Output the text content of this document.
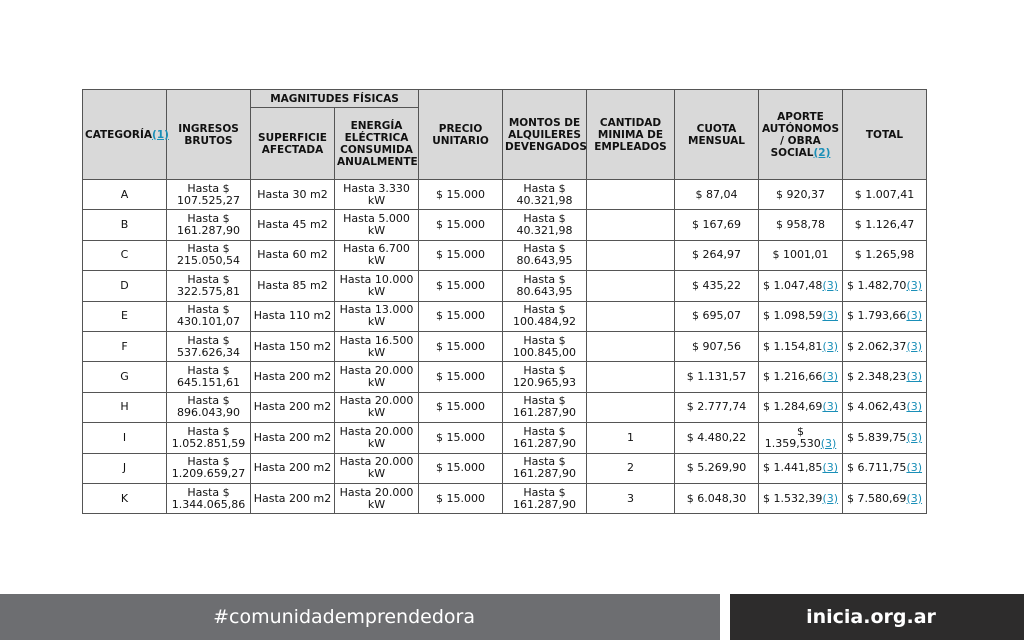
CATEGORÍA(1)	INGRESOS BRUTOS	MAGNITUDES FÍSICAS		PRECIO UNITARIO	MONTOS DE ALQUILERES DEVENGADOS	CANTIDAD MINIMA DE EMPLEADOS	CUOTA MENSUAL	APORTE AUTÓNOMOS / OBRA SOCIAL(2)	TOTAL
		SUPERFICIE AFECTADA	ENERGÍA ELÉCTRICA CONSUMIDA ANUALMENTE						

A	Hasta $ 107.525,27	Hasta 30 m2	Hasta 3.330 kW	$ 15.000	Hasta $ 40.321,98		$ 87,04	$ 920,37	$ 1.007,41
B	Hasta $ 161.287,90	Hasta 45 m2	Hasta 5.000 kW	$ 15.000	Hasta $ 40.321,98		$ 167,69	$ 958,78	$ 1.126,47
C	Hasta $ 215.050,54	Hasta 60 m2	Hasta 6.700 kW	$ 15.000	Hasta $ 80.643,95		$ 264,97	$ 1001,01	$ 1.265,98
D	Hasta $ 322.575,81	Hasta 85 m2	Hasta 10.000 kW	$ 15.000	Hasta $ 80.643,95		$ 435,22	$ 1.047,48(3)	$ 1.482,70(3)
E	Hasta $ 430.101,07	Hasta 110 m2	Hasta 13.000 kW	$ 15.000	Hasta $ 100.484,92		$ 695,07	$ 1.098,59(3)	$ 1.793,66(3)
F	Hasta $ 537.626,34	Hasta 150 m2	Hasta 16.500 kW	$ 15.000	Hasta $ 100.845,00		$ 907,56	$ 1.154,81(3)	$ 2.062,37(3)
G	Hasta $ 645.151,61	Hasta 200 m2	Hasta 20.000 kW	$ 15.000	Hasta $ 120.965,93		$ 1.131,57	$ 1.216,66(3)	$ 2.348,23(3)
H	Hasta $ 896.043,90	Hasta 200 m2	Hasta 20.000 kW	$ 15.000	Hasta $ 161.287,90		$ 2.777,74	$ 1.284,69(3)	$ 4.062,43(3)
I	Hasta $ 1.052.851,59	Hasta 200 m2	Hasta 20.000 kW	$ 15.000	Hasta $ 161.287,90	1	$ 4.480,22	$ 1.359,530(3)	$ 5.839,75(3)
J	Hasta $ 1.209.659,27	Hasta 200 m2	Hasta 20.000 kW	$ 15.000	Hasta $ 161.287,90	2	$ 5.269,90	$ 1.441,85(3)	$ 6.711,75(3)
K	Hasta $ 1.344.065,86	Hasta 200 m2	Hasta 20.000 kW	$ 15.000	Hasta $ 161.287,90	3	$ 6.048,30	$ 1.532,39(3)	$ 7.580,69(3)
#comunidademprendedora	inicia.org.ar
